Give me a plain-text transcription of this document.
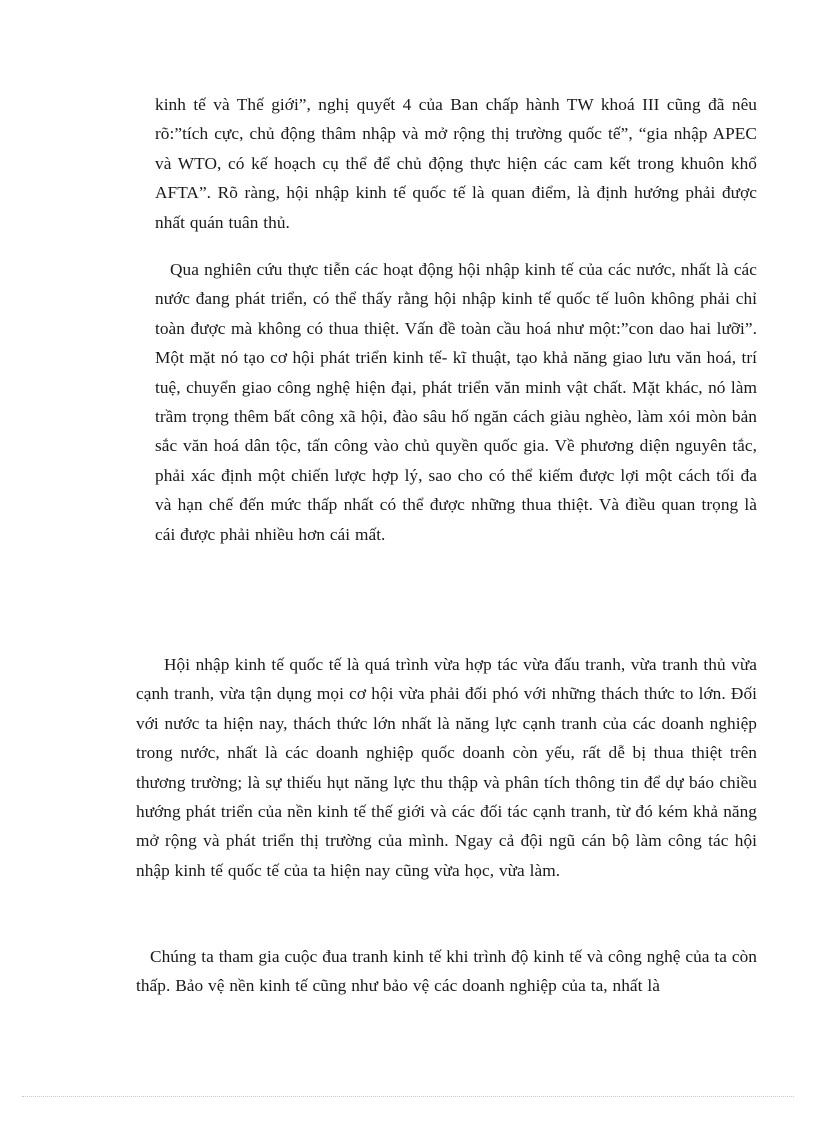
kinh tế và Thế giới”, nghị quyết 4 của Ban chấp hành TW khoá III cũng đã nêu rõ:”tích cực, chủ động thâm nhập và mở rộng thị trường quốc tế”, “gia nhập APEC và WTO, có kế hoạch cụ thể để chủ động thực hiện các cam kết trong khuôn khổ AFTA”. Rõ ràng, hội nhập kinh tế quốc tế là quan điểm, là định hướng phải được nhất quán tuân thủ.

Qua nghiên cứu thực tiễn các hoạt động hội nhập kinh tế của các nước, nhất là các nước đang phát triển, có thể thấy rằng hội nhập kinh tế quốc tế luôn không phải chỉ toàn được mà không có thua thiệt. Vấn đề toàn cầu hoá như một:”con dao hai lưỡi”. Một mặt nó tạo cơ hội phát triển kinh tế- kĩ thuật, tạo khả năng giao lưu văn hoá, trí tuệ, chuyển giao công nghệ hiện đại, phát triển văn minh vật chất. Mặt khác, nó làm trầm trọng thêm bất công xã hội, đào sâu hố ngăn cách giàu nghèo, làm xói mòn bản sắc văn hoá dân tộc, tấn công vào chủ quyền quốc gia. Về phương diện nguyên tắc, phải xác định một chiến lược hợp lý, sao cho có thể kiếm được lợi một cách tối đa và hạn chế đến mức thấp nhất có thể được những thua thiệt. Và điều quan trọng là cái được phải nhiều hơn cái mất.

Hội nhập kinh tế quốc tế là quá trình vừa hợp tác vừa đấu tranh, vừa tranh thủ vừa cạnh tranh, vừa tận dụng mọi cơ hội vừa phải đối phó với những thách thức to lớn. Đối với nước ta hiện nay, thách thức lớn nhất là năng lực cạnh tranh của các doanh nghiệp trong nước, nhất là các doanh nghiệp quốc doanh còn yếu, rất dễ bị thua thiệt trên thương trường; là sự thiếu hụt năng lực thu thập và phân tích thông tin để dự báo chiều hướng phát triển của nền kinh tế thế giới và các đối tác cạnh tranh, từ đó kém khả năng mở rộng và phát triển thị trường của mình. Ngay cả đội ngũ cán bộ làm công tác hội nhập kinh tế quốc tế của ta hiện nay cũng vừa học, vừa làm.

Chúng ta tham gia cuộc đua tranh kinh tế khi trình độ kinh tế và công nghệ của ta còn thấp. Bảo vệ nền kinh tế cũng như bảo vệ các doanh nghiệp của ta, nhất là
